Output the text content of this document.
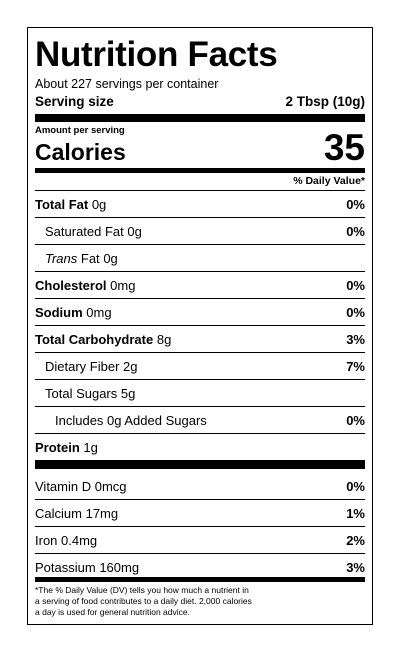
Nutrition Facts
About 227 servings per container
Serving size	2 Tbsp (10g)
Amount per serving
Calories	35
% Daily Value*
Total Fat 0g	0%
Saturated Fat 0g	0%
Trans Fat 0g
Cholesterol 0mg	0%
Sodium 0mg	0%
Total Carbohydrate 8g	3%
Dietary Fiber 2g	7%
Total Sugars 5g
Includes 0g Added Sugars	0%
Protein 1g
Vitamin D 0mcg	0%
Calcium 17mg	1%
Iron 0.4mg	2%
Potassium 160mg	3%
*The % Daily Value (DV) tells you how much a nutrient in a serving of food contributes to a daily diet. 2,000 calories a day is used for general nutrition advice.
